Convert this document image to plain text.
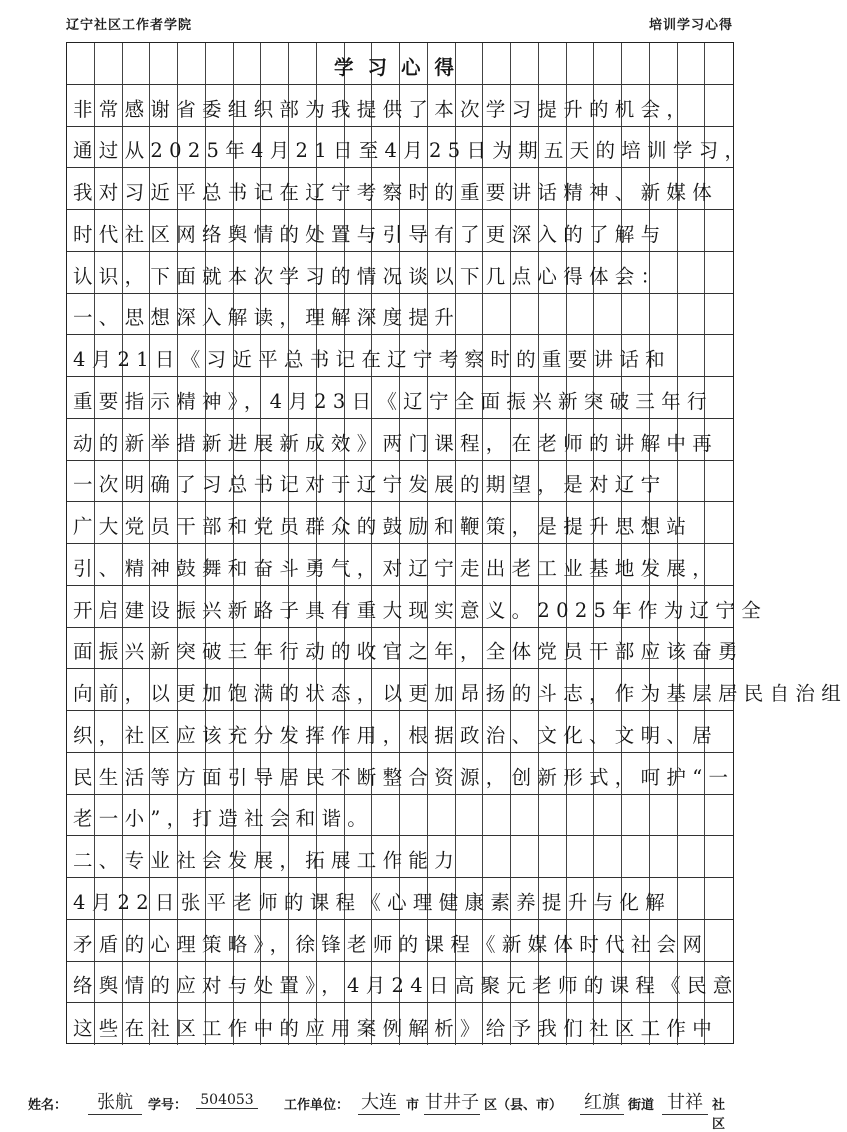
辽宁社区工作者学院	培训学习心得
学习心得
非常感谢省委组织部为我提供了本次学习提升的机会，
通过从2025年4月21日至4月25日为期五天的培训学习，
我对习近平总书记在辽宁考察时的重要讲话精神、新媒体
时代社区网络舆情的处置与引导有了更深入的了解与
认识，下面就本次学习的情况谈以下几点心得体会：
一、思想深入解读，理解深度提升
4月21日《习近平总书记在辽宁考察时的重要讲话和
重要指示精神》，4月23日《辽宁全面振兴新突破三年行
动的新举措新进展新成效》两门课程，在老师的讲解中再
一次明确了习总书记对于辽宁发展的期望，是对辽宁
广大党员干部和党员群众的鼓励和鞭策，是提升思想站
引、精神鼓舞和奋斗勇气，对辽宁走出老工业基地发展，
开启建设振兴新路子具有重大现实意义。2025年作为辽宁全
面振兴新突破三年行动的收官之年，全体党员干部应该奋勇
向前，以更加饱满的状态，以更加昂扬的斗志，作为基层居民自治组
织，社区应该充分发挥作用，根据政治、文化、文明、居
民生活等方面引导居民不断整合资源，创新形式，呵护“一
老一小”，打造社会和谐。
二、专业社会发展，拓展工作能力
4月22日张平老师的课程《心理健康素养提升与化解
矛盾的心理策略》，徐锋老师的课程《新媒体时代社会网
络舆情的应对与处置》，4月24日高聚元老师的课程《民意
这些在社区工作中的应用案例解析》给予我们社区工作中
姓名：	张航	学号： 504053	工作单位： 大连 市 甘井子 区（县、市） 红旗 街道 甘祥 社区
